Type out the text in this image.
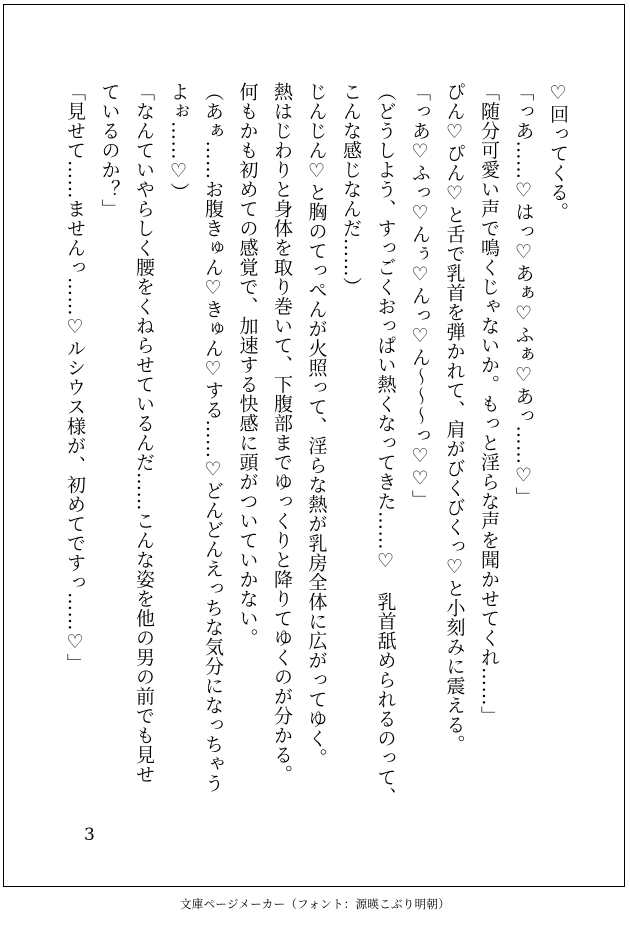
♡回ってくる。
「っあ……♡はっ♡あぁ♡ふぁ♡あっ……♡」
「随分可愛い声で鳴くじゃないか。もっと淫らな声を聞かせてくれ……」
ぴん♡ぴん♡と舌で乳首を弾かれて、肩がびくびくっ♡と小刻みに震える。
「っあ♡ふっ♡んぅ♡んっ♡ん～～～っ♡♡」
（どうしよう、すっごくおっぱい熱くなってきた……♡　乳首舐められるのって、
こんな感じなんだ……）
じんじん♡と胸のてっぺんが火照って、淫らな熱が乳房全体に広がってゆく。
熱はじわりと身体を取り巻いて、下腹部までゆっくりと降りてゆくのが分かる。
何もかも初めての感覚で、加速する快感に頭がついていかない。
（あぁ……お腹きゅん♡きゅん♡する……♡どんどんえっちな気分になっちゃう
よぉ……♡）
「なんていやらしく腰をくねらせているんだ……こんな姿を他の男の前でも見せ
ているのか？」
「見せて……ませんっ……♡ルシウス様が、初めてですっ……♡」
3
文庫ページメーカー（フォント：源暎こぶり明朝）
